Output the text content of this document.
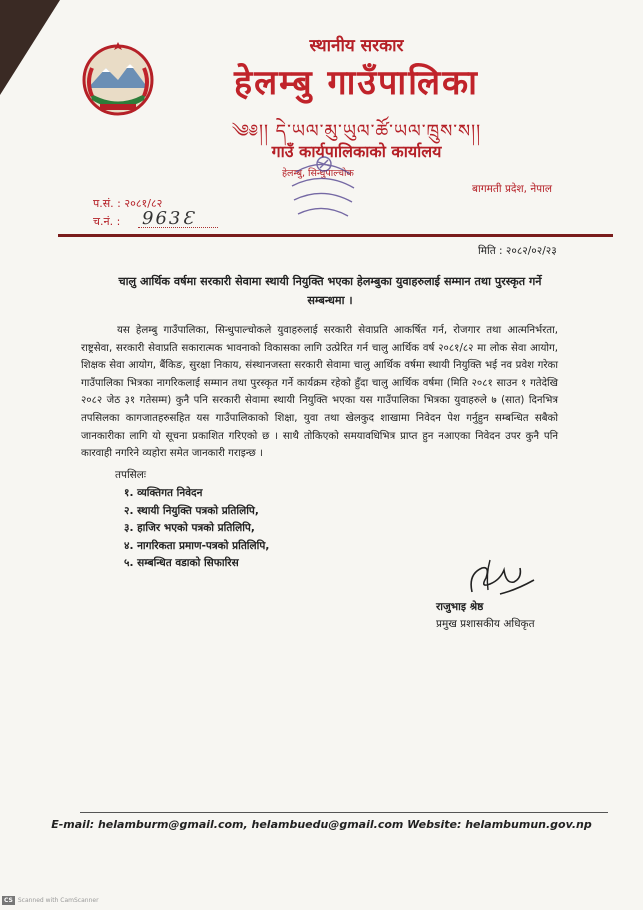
स्थानीय सरकार
हेलम्बु गाउँपालिका
༄༅།། དེ་ཡལ་མུ་ཡུལ་ཚོ་ཡལ་ཁྲུས་ས།།
गाउँ कार्यपालिकाको कार्यालय
हेलम्बु, सिन्धुपाल्चोक
बागमती प्रदेश, नेपाल
प.सं. : २०८१/८२
च.नं. : 963Ɛ
मिति : २०८२/०२/२३
चालु आर्थिक वर्षमा सरकारी सेवामा स्थायी नियुक्ति भएका हेलम्बुका युवाहरुलाई सम्मान तथा पुरस्कृत गर्ने सम्बन्धमा ।
यस हेलम्बु गाउँपालिका, सिन्धुपाल्चोकले युवाहरुलाई सरकारी सेवाप्रति आकर्षित गर्न, रोजगार तथा आत्मनिर्भरता, राष्ट्रसेवा, सरकारी सेवाप्रति सकारात्मक भावनाको विकासका लागि उत्प्रेरित गर्न चालु आर्थिक वर्ष २०८१/८२ मा लोक सेवा आयोग, शिक्षक सेवा आयोग, बैंकिङ, सुरक्षा निकाय, संस्थानजस्ता सरकारी सेवामा चालु आर्थिक वर्षमा स्थायी नियुक्ति भई नव प्रवेश गरेका गाउँपालिका भित्रका नागरिकलाई सम्मान तथा पुरस्कृत गर्ने कार्यक्रम रहेको हुँदा चालु आर्थिक वर्षमा (मिति २०८१ साउन १ गतेदेखि २०८२ जेठ ३१ गतेसम्म) कुनै पनि सरकारी सेवामा स्थायी नियुक्ति भएका यस गाउँपालिका भित्रका युवाहरुले ७ (सात) दिनभित्र तपसिलका कागजातहरुसहित यस गाउँपालिकाको शिक्षा, युवा तथा खेलकुद शाखामा निवेदन पेश गर्नुहुन सम्बन्धित सबैको जानकारीका लागि यो सूचना प्रकाशित गरिएको छ । साथै तोकिएको समयावधिभित्र प्राप्त हुन नआएका निवेदन उपर कुनै पनि कारवाही नगरिने व्यहोरा समेत जानकारी गराइन्छ ।
तपसिलः
१. व्यक्तिगत निवेदन
२. स्थायी नियुक्ति पत्रको प्रतिलिपि,
३. हाजिर भएको पत्रको प्रतिलिपि,
४. नागरिकता प्रमाण-पत्रको प्रतिलिपि,
५. सम्बन्धित वडाको सिफारिस
राजुभाइ श्रेष्ठ
प्रमुख प्रशासकीय अधिकृत
E-mail: helamburm@gmail.com, helambuedu@gmail.com Website: helambumun.gov.np
CS Scanned with CamScanner
